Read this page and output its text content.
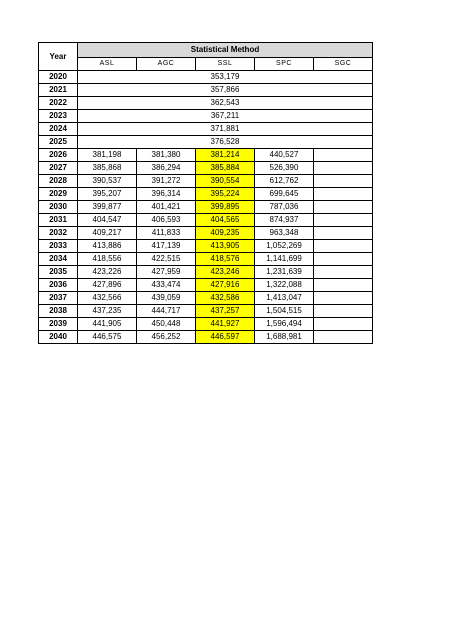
Year	Statistical Method				
	ASL	AGC	SSL	SPC	SGC
2020	353,179				
2021	357,866				
2022	362,543				
2023	367,211				
2024	371,881				
2025	376,528				
2026	381,198	381,380	381,214	440,527	
2027	385,868	386,294	385,884	526,390	
2028	390,537	391,272	390,554	612,762	
2029	395,207	396,314	395,224	699,645	
2030	399,877	401,421	399,895	787,036	
2031	404,547	406,593	404,565	874,937	
2032	409,217	411,833	409,235	963,348	
2033	413,886	417,139	413,905	1,052,269	
2034	418,556	422,515	418,576	1,141,699	
2035	423,226	427,959	423,246	1,231,639	
2036	427,896	433,474	427,916	1,322,088	
2037	432,566	439,059	432,586	1,413,047	
2038	437,235	444,717	437,257	1,504,515	
2039	441,905	450,448	441,927	1,596,494	
2040	446,575	456,252	446,597	1,688,981	
